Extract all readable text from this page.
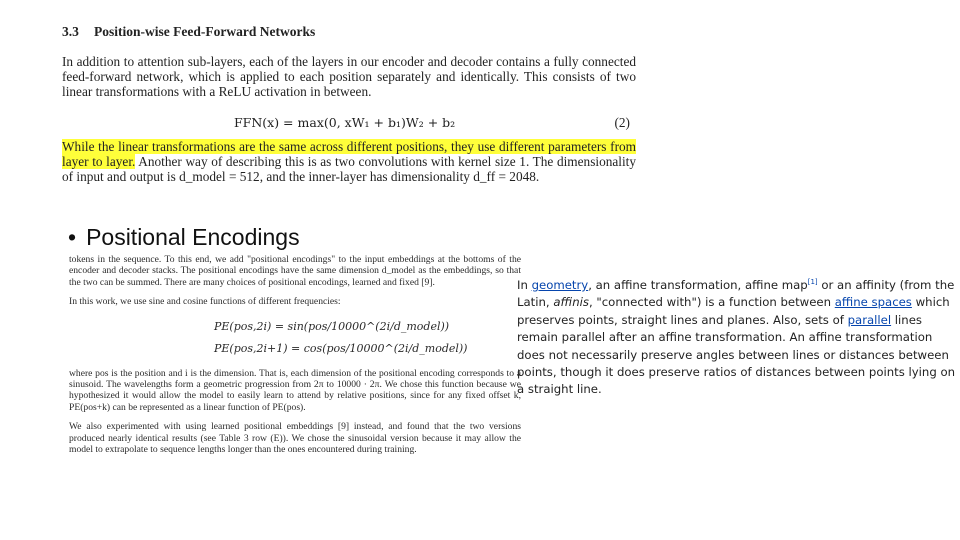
3.3 Position-wise Feed-Forward Networks

In addition to attention sub-layers, each of the layers in our encoder and decoder contains a fully connected feed-forward network, which is applied to each position separately and identically. This consists of two linear transformations with a ReLU activation in between.

FFN(x) = max(0, xW₁ + b₁)W₂ + b₂	(2)

While the linear transformations are the same across different positions, they use different parameters from layer to layer. Another way of describing this is as two convolutions with kernel size 1. The dimensionality of input and output is d_model = 512, and the inner-layer has dimensionality d_ff = 2048.

• Positional Encodings

tokens in the sequence. To this end, we add "positional encodings" to the input embeddings at the bottoms of the encoder and decoder stacks. The positional encodings have the same dimension d_model as the embeddings, so that the two can be summed. There are many choices of positional encodings, learned and fixed [9].

In this work, we use sine and cosine functions of different frequencies:

PE(pos,2i) = sin(pos/10000^(2i/d_model))
PE(pos,2i+1) = cos(pos/10000^(2i/d_model))

where pos is the position and i is the dimension. That is, each dimension of the positional encoding corresponds to a sinusoid. The wavelengths form a geometric progression from 2π to 10000 · 2π. We chose this function because we hypothesized it would allow the model to easily learn to attend by relative positions, since for any fixed offset k, PE(pos+k) can be represented as a linear function of PE(pos).

We also experimented with using learned positional embeddings [9] instead, and found that the two versions produced nearly identical results (see Table 3 row (E)). We chose the sinusoidal version because it may allow the model to extrapolate to sequence lengths longer than the ones encountered during training.

In geometry, an affine transformation, affine map[1] or an affinity (from the Latin, affinis, "connected with") is a function between affine spaces which preserves points, straight lines and planes. Also, sets of parallel lines remain parallel after an affine transformation. An affine transformation does not necessarily preserve angles between lines or distances between points, though it does preserve ratios of distances between points lying on a straight line.
